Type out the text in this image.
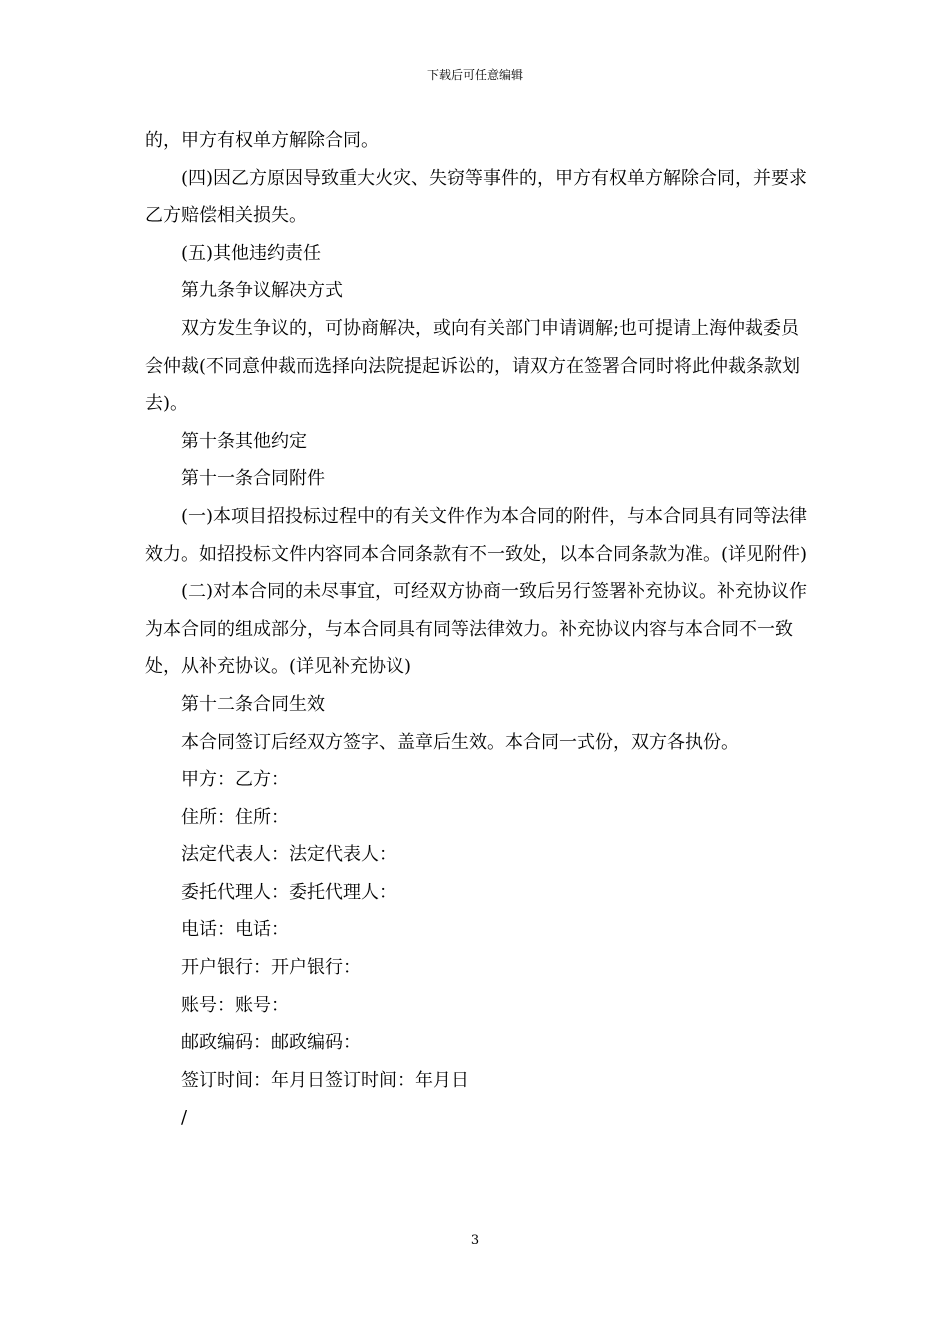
下载后可任意编辑

的，甲方有权单方解除合同。

(四)因乙方原因导致重大火灾、失窃等事件的，甲方有权单方解除合同，并要求乙方赔偿相关损失。

(五)其他违约责任

第九条争议解决方式

双方发生争议的，可协商解决，或向有关部门申请调解;也可提请上海仲裁委员会仲裁(不同意仲裁而选择向法院提起诉讼的，请双方在签署合同时将此仲裁条款划去)。

第十条其他约定

第十一条合同附件

(一)本项目招投标过程中的有关文件作为本合同的附件，与本合同具有同等法律效力。如招投标文件内容同本合同条款有不一致处，以本合同条款为准。(详见附件)

(二)对本合同的未尽事宜，可经双方协商一致后另行签署补充协议。补充协议作为本合同的组成部分，与本合同具有同等法律效力。补充协议内容与本合同不一致处，从补充协议。(详见补充协议)

第十二条合同生效

本合同签订后经双方签字、盖章后生效。本合同一式份，双方各执份。

甲方：乙方：

住所：住所：

法定代表人：法定代表人：

委托代理人：委托代理人：

电话：电话：

开户银行：开户银行：

账号：账号：

邮政编码：邮政编码：

签订时间：年月日签订时间：年月日

/

3
